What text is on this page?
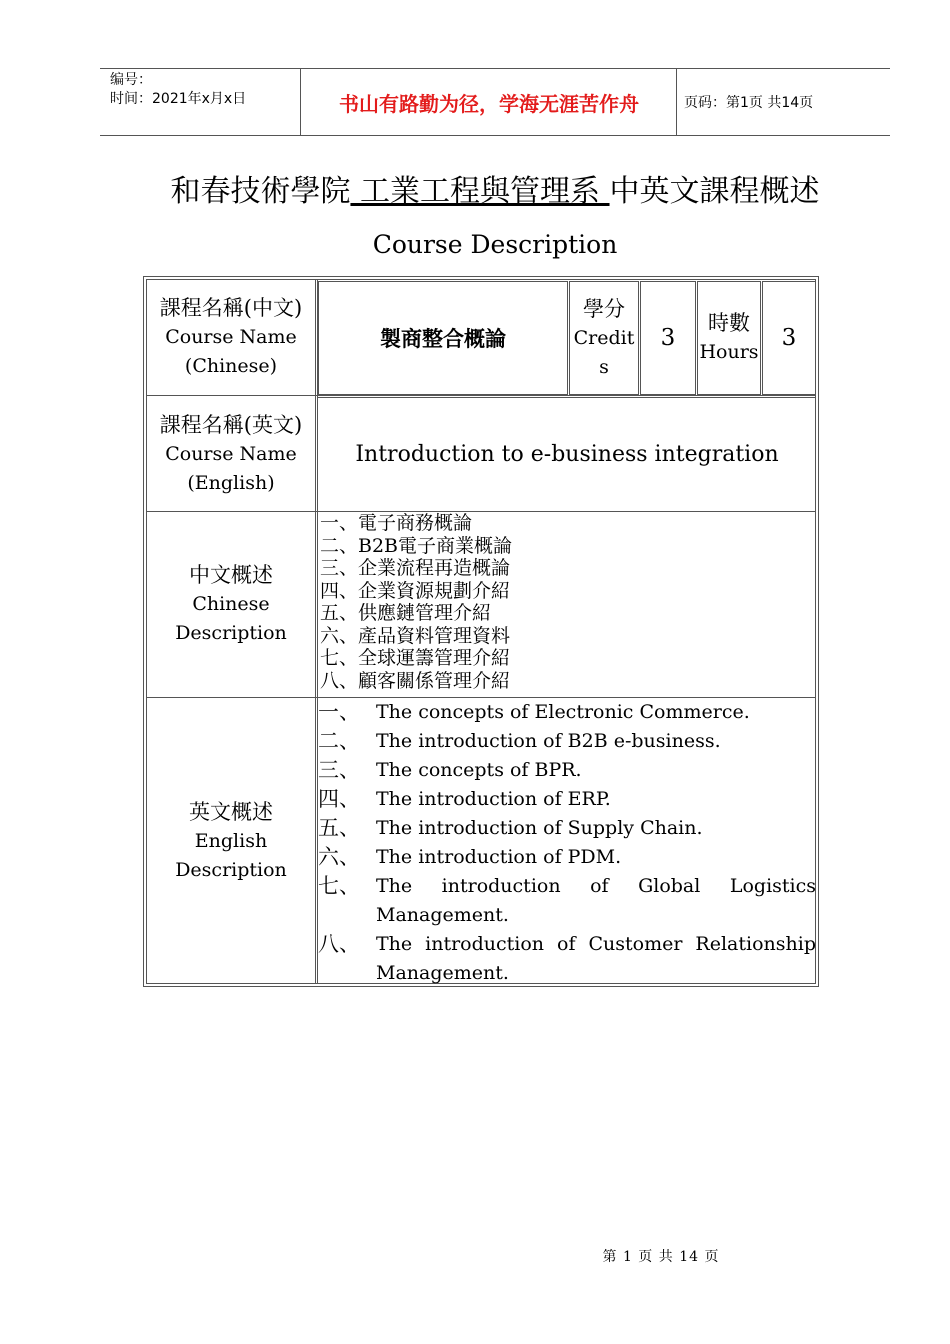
编号：
时间：2021年x月x日	书山有路勤为径，学海无涯苦作舟	页码：第1页 共14页
和春技術學院 工業工程與管理系 中英文課程概述
Course Description
課程名稱(中文)
Course Name
(Chinese)
製商整合概論
學分
Credit
s
3
時數
Hours
3
課程名稱(英文)
Course Name
(English)
Introduction to e-business integration
中文概述
Chinese
Description
一、電子商務概論
二、B2B電子商業概論
三、企業流程再造概論
四、企業資源規劃介紹
五、供應鏈管理介紹
六、產品資料管理資料
七、全球運籌管理介紹
八、顧客關係管理介紹
英文概述
English
Description
一、 The concepts of Electronic Commerce.
二、 The introduction of B2B e-business.
三、 The concepts of BPR.
四、 The introduction of ERP.
五、 The introduction of Supply Chain.
六、 The introduction of PDM.
七、 The introduction of Global Logistics Management.
八、 The introduction of Customer Relationship Management.
第 1 页 共 14 页
